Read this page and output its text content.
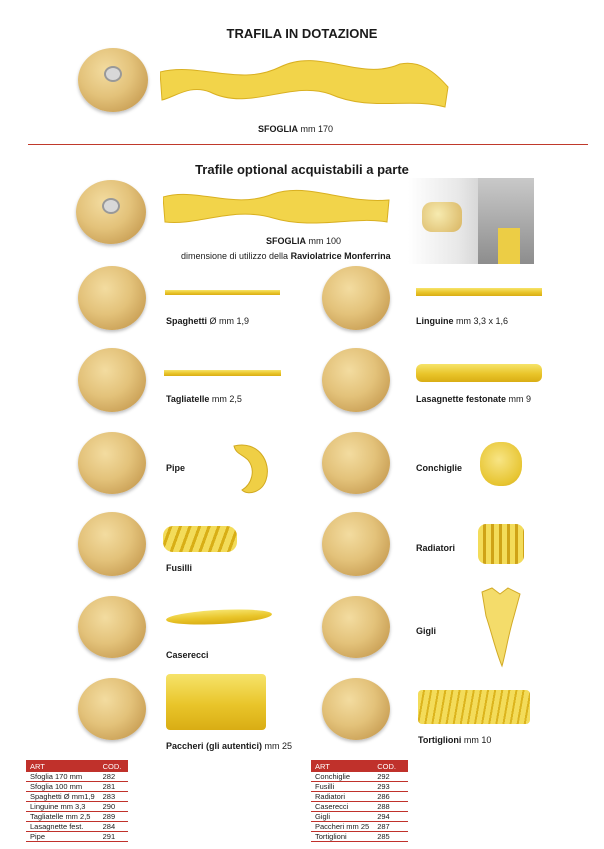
TRAFILA IN DOTAZIONE
SFOGLIA mm 170
Trafile optional acquistabili a parte
SFOGLIA mm 100
dimensione di utilizzo della Raviolatrice Monferrina
Spaghetti Ø mm 1,9	Linguine mm 3,3 x 1,6
Tagliatelle mm 2,5	Lasagnette festonate mm 9
Pipe	Conchiglie
Fusilli
Radiatori
Caserecci
Gigli
Paccheri (gli autentici) mm 25
Tortiglioni mm 10
ART	COD.
Sfoglia 170 mm	282
Sfoglia 100 mm	281
Spaghetti Ø mm1,9	283
Linguine mm 3,3	290
Tagliatelle mm 2,5	289
Lasagnette fest.	284
Pipe	291
ART	COD.
Conchiglie	292
Fusilli	293
Radiatori	286
Caserecci	288
Gigli	294
Paccheri mm 25	287
Tortiglioni	285
